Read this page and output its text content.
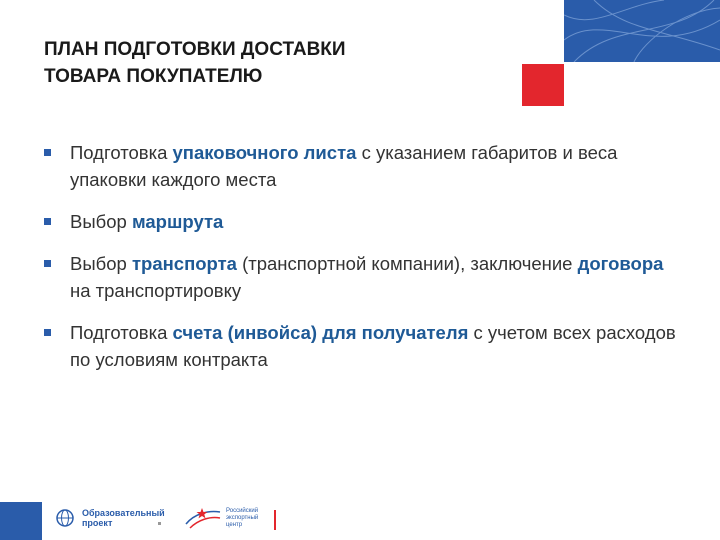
ПЛАН ПОДГОТОВКИ ДОСТАВКИ
ТОВАРА ПОКУПАТЕЛЮ
Подготовка упаковочного листа с указанием габаритов и веса упаковки каждого места
Выбор маршрута
Выбор транспорта (транспортной компании), заключение договора на транспортировку
Подготовка счета (инвойса) для получателя с учетом всех расходов по условиям контракта
Образовательный
проект
Российский
экспортный
центр
